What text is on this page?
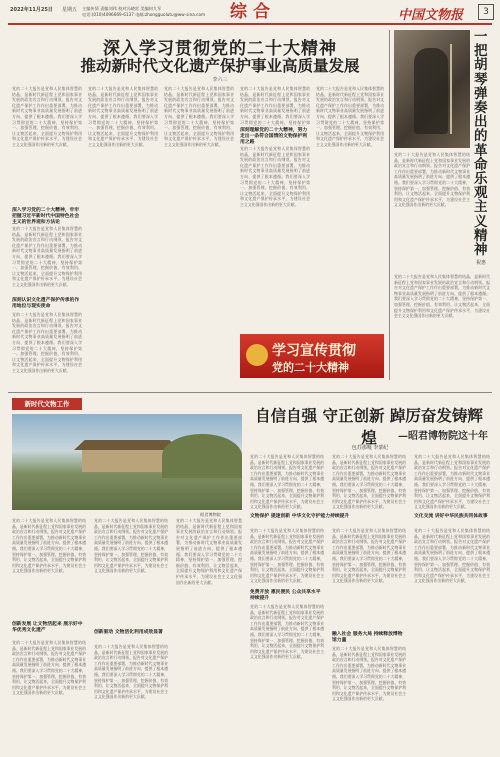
2022年11月25日 星期五 主编传情 责编刘玮 校对冯晓雷 美编何九军
电话:(010)4096669-6137 电邮:zhongguolutu@ww-sina.com	综 合	中国文物报	3
深入学习贯彻党的二十大精神
推动新时代文化遗产保护事业高质量发展
李六三
党的二十大报告是党和人民集体智慧的结晶，是新时代新征程上党和国家事业发展的政治宣言和行动纲领。报告对文化遗产保护工作作出重要部署，为推动新时代文物事业高质量发展指明了前进方向、提供了根本遵循。我们要深入学习贯彻党的二十大精神，坚持保护第一、加强管理、挖掘价值、有效利用、让文物活起来，全面提升文物保护利用和文化遗产保护传承水平，为建设社会主义文化强国作出新的更大贡献。
深入学习党的二十大精神，牢牢把握习近平新时代中国特色社会主义的世界观和方法论
党的二十大报告是党和人民集体智慧的结晶，是新时代新征程上党和国家事业发展的政治宣言和行动纲领。报告对文化遗产保护工作作出重要部署，为推动新时代文物事业高质量发展指明了前进方向、提供了根本遵循。我们要深入学习贯彻党的二十大精神，坚持保护第一、加强管理、挖掘价值、有效利用、让文物活起来，全面提升文物保护利用和文化遗产保护传承水平，为建设社会主义文化强国作出新的更大贡献。
深刻认识文化遗产保护传承的作用地位与现实使命
党的二十大报告是党和人民集体智慧的结晶，是新时代新征程上党和国家事业发展的政治宣言和行动纲领。报告对文化遗产保护工作作出重要部署，为推动新时代文物事业高质量发展指明了前进方向、提供了根本遵循。我们要深入学习贯彻党的二十大精神，坚持保护第一、加强管理、挖掘价值、有效利用、让文物活起来，全面提升文物保护利用和文化遗产保护传承水平，为建设社会主义文化强国作出新的更大贡献。
党的二十大报告是党和人民集体智慧的结晶，是新时代新征程上党和国家事业发展的政治宣言和行动纲领。报告对文化遗产保护工作作出重要部署，为推动新时代文物事业高质量发展指明了前进方向、提供了根本遵循。我们要深入学习贯彻党的二十大精神，坚持保护第一、加强管理、挖掘价值、有效利用、让文物活起来，全面提升文物保护利用和文化遗产保护传承水平，为建设社会主义文化强国作出新的更大贡献。
党的二十大报告是党和人民集体智慧的结晶，是新时代新征程上党和国家事业发展的政治宣言和行动纲领。报告对文化遗产保护工作作出重要部署，为推动新时代文物事业高质量发展指明了前进方向、提供了根本遵循。我们要深入学习贯彻党的二十大精神，坚持保护第一、加强管理、挖掘价值、有效利用、让文物活起来，全面提升文物保护利用和文化遗产保护传承水平，为建设社会主义文化强国作出新的更大贡献。
党的二十大报告是党和人民集体智慧的结晶，是新时代新征程上党和国家事业发展的政治宣言和行动纲领。报告对文化遗产保护工作作出重要部署，为推动新时代文物事业高质量发展指明了前进方向、提供了根本遵循。我们要深入学习贯彻党的二十大精神，坚持保护第
深刻理解党的二十大精神，努力走出一条符合国情的文物保护利用之路
党的二十大报告是党和人民集体智慧的结晶，是新时代新征程上党和国家事业发展的政治宣言和行动纲领。报告对文化遗产保护工作作出重要部署，为推动新时代文物事业高质量发展指明了前进方向、提供了根本遵循。我们要深入学习贯彻党的二十大精神，坚持保护第一、加强管理、挖掘价值、有效利用、让文物活起来，全面提升文物保护利用和文化遗产保护传承水平，为建设社会主义文化强国作出新的更大贡献。
党的二十大报告是党和人民集体智慧的结晶，是新时代新征程上党和国家事业发展的政治宣言和行动纲领。报告对文化遗产保护工作作出重要部署，为推动新时代文物事业高质量发展指明了前进方向、提供了根本遵循。我们要深入学习贯彻党的二十大精神，坚持保护第一、加强管理、挖掘价值、有效利用、让文物活起来，全面提升文物保护利用和文化遗产保护传承水平，为建设社会主义文化强国作出新的更大贡献。
学习宣传贯彻
党的二十大精神
一把胡琴弹奏出的革命乐观主义精神
祝惠
党的二十大报告是党和人民集体智慧的结晶，是新时代新征程上党和国家事业发展的政治宣言和行动纲领。报告对文化遗产保护工作作出重要部署，为推动新时代文物事业高质量发展指明了前进方向、提供了根本遵循。我们要深入学习贯彻党的二十大精神，坚持保护第一、加强管理、挖掘价值、有效利用、让文物活起来，全面提升文物保护利用和文化遗产保护传承水平，为建设社会主义文化强国作出新的更大贡献。
党的二十大报告是党和人民集体智慧的结晶，是新时代新征程上党和国家事业发展的政治宣言和行动纲领。报告对文化遗产保护工作作出重要部署，为推动新时代文物事业高质量发展指明了前进方向、提供了根本遵循。我们要深入学习贯彻党的二十大精神，坚持保护第一、加强管理、挖掘价值、有效利用、让文物活起来，全面提升文物保护利用和文化遗产保护传承水平，为建设社会主义文化强国作出新的更大贡献。
新时代文物工作
昭君博物院
自信自强 守正创新 踔厉奋发铸辉煌	—昭君博物院这十年
包苏那嘎 李蒙纪
党的二十大报告是党和人民集体智慧的结晶，是新时代新征程上党和国家事业发展的政治宣言和行动纲领。报告对文化遗产保护工作作出重要部署，为推动新时代文物事业高质量发展指明了前进方向、提供了根本遵循。我们要深入学习贯彻党的二十大精神，坚持保护第一、加强管理、挖掘价值、有效利用、让文物活起来，全面提升文物保护利用和文化遗产保护传承水平，为建设社会主义文化强国作出新的更大贡献。
党的二十大报告是党和人民集体智慧的结晶，是新时代新征程上党和国家事业发展的政治宣言和行动纲领。报告对文化遗产保护工作作出重要部署，为推动新时代文物事业高质量发展指明了前进方向、提供了根本遵循。我们要深入学习贯彻党的二十大精神，坚持保护第一、加强管理、挖掘价值、有效利用、让文物活起来，全面提升文物保护利用和文化遗产保护传承水平，为建设社会主义文化强国作出新的更大贡献。
党的二十大报告是党和人民集体智慧的结晶，是新时代新征程上党和国家事业发展的政治宣言和行动纲领。报告对文化遗产保护工作作出重要部署，为推动新时代文物事业高质量发展指明了前进方向、提供了根本遵循。我们要深入学习贯彻党的二十大精神，坚持保护第一、加强管理、挖掘价值、有效利用、让文物活起来，全面提升文物保护利用和文化遗产保护传承水平，为建设社会主义文化强国作出新的更大贡献。
文物保护 提速创新 中华文化守护能力持续提升	文化交流 讲好中华民族共同体故事
党的二十大报告是党和人民集体智慧的结晶，是新时代新征程上党和国家事业发展的政治宣言和行动纲领。报告对文化遗产保护工作作出重要部署，为推动新时代文物事业高质量发展指明了前进方向、提供了根本遵循。我们要深入学习贯彻党的二十大精神，坚持保护第一、加强管理、挖掘价值、有效利用、让文物活起来，全面提升文物保护利用和文化遗产保护传承水平，为建设社会主义文化强国作出新的更大贡献。
创新发展 让文物活起来 展示好中华优秀文化遗产
党的二十大报告是党和人民集体智慧的结晶，是新时代新征程上党和国家事业发展的政治宣言和行动纲领。报告对文化遗产保护工作作出重要部署，为推动新时代文物事业高质量发展指明了前进方向、提供了根本遵循。我们要深入学习贯彻党的二十大精神，坚持保护第一、加强管理、挖掘价值、有效利用、让文物活起来，全面提升文物保护利用和文化遗产保护传承水平，为建设社会主义文化强国作出新的更大贡献。
党的二十大报告是党和人民集体智慧的结晶，是新时代新征程上党和国家事业发展的政治宣言和行动纲领。报告对文化遗产保护工作作出重要部署，为推动新时代文物事业高质量发展指明了前进方向、提供了根本遵循。我们要深入学习贯彻党的二十大精神，坚持保护第一、加强管理、挖掘价值、有效利用、让文物活起来，全面提升文物保护利用和文化遗产保护传承水平，为建设社会主义文化强国作出新的更大贡献。
创新驱动 文物活化利用成效显著
党的二十大报告是党和人民集体智慧的结晶，是新时代新征程上党和国家事业发展的政治宣言和行动纲领。报告对文化遗产保护工作作出重要部署，为推动新时代文物事业高质量发展指明了前进方向、提供了根本遵循。我们要深入学习贯彻党的二十大精神，坚持保护第一、加强管理、挖掘价值、有效利用、让文物活起来，全面提升文物保护利用和文化遗产保护传承水平，为建设社会主义文化强国作出新的更大贡献。
党的二十大报告是党和人民集体智慧的结晶，是新时代新征程上党和国家事业发展的政治宣言和行动纲领。报告对文化遗产保护工作作出重要部署，为推动新时代文物事业高质量发展指明了前进方向、提供了根本遵循。我们要深入学习贯彻党的二十大精神，坚持保护第一、加强管理、挖掘价值、有效利用、让文物活起来，全面提升文物保护利用和文化遗产保护传承水平，为建设社会主义文化强国作出新的更大贡献。
党的二十大报告是党和人民集体智慧的结晶，是新时代新征程上党和国家事业发展的政治宣言和行动纲领。报告对文化遗产保护工作作出重要部署，为推动新时代文物事业高质量发展指明了前进方向、提供了根本遵循。我们要深入学习贯彻党的二十大精神，坚持保护第一、加强管理、挖掘价值、有效利用、让文物活起来，全面提升文物保护利用和文化遗产保护传承水平，为建设社会主义文化强国作出新的更大贡献。
免费开放 惠民便民 公众共享水平持续提升
党的二十大报告是党和人民集体智慧的结晶，是新时代新征程上党和国家事业发展的政治宣言和行动纲领。报告对文化遗产保护工作作出重要部署，为推动新时代文物事业高质量发展指明了前进方向、提供了根本遵循。我们要深入学习贯彻党的二十大精神，坚持保护第一、加强管理、挖掘价值、有效利用、让文物活起来，全面提升文物保护利用和文化遗产保护传承水平，为建设社会主义文化强国作出新的更大贡献。
党的二十大报告是党和人民集体智慧的结晶，是新时代新征程上党和国家事业发展的政治宣言和行动纲领。报告对文化遗产保护工作作出重要部署，为推动新时代文物事业高质量发展指明了前进方向、提供了根本遵循。我们要深入学习贯彻党的二十大精神，坚持保护第一、加强管理、挖掘价值、有效利用、让文物活起来，全面提升文物保护利用和文化遗产保护传承水平，为建设社会主义文化强国作出新的更大贡献。
融入社会 服务大局 持续释放博物馆力量
党的二十大报告是党和人民集体智慧的结晶，是新时代新征程上党和国家事业发展的政治宣言和行动纲领。报告对文化遗产保护工作作出重要部署，为推动新时代文物事业高质量发展指明了前进方向、提供了根本遵循。我们要深入学习贯彻党的二十大精神，坚持保护第一、加强管理、挖掘价值、有效利用、让文物活起来，全面提升文物保护利用和文化遗产保护传承水平，为建设社会主义文化强国作出新的更大贡献。
党的二十大报告是党和人民集体智慧的结晶，是新时代新征程上党和国家事业发展的政治宣言和行动纲领。报告对文化遗产保护工作作出重要部署，为推动新时代文物事业高质量发展指明了前进方向、提供了根本遵循。我们要深入学习贯彻党的二十大精神，坚持保护第一、加强管理、挖掘价值、有效利用、让文物活起来，全面提升文物保护利用和文化遗产保护传承水平，为建设社会主义文化强国作出新的更大贡献。
